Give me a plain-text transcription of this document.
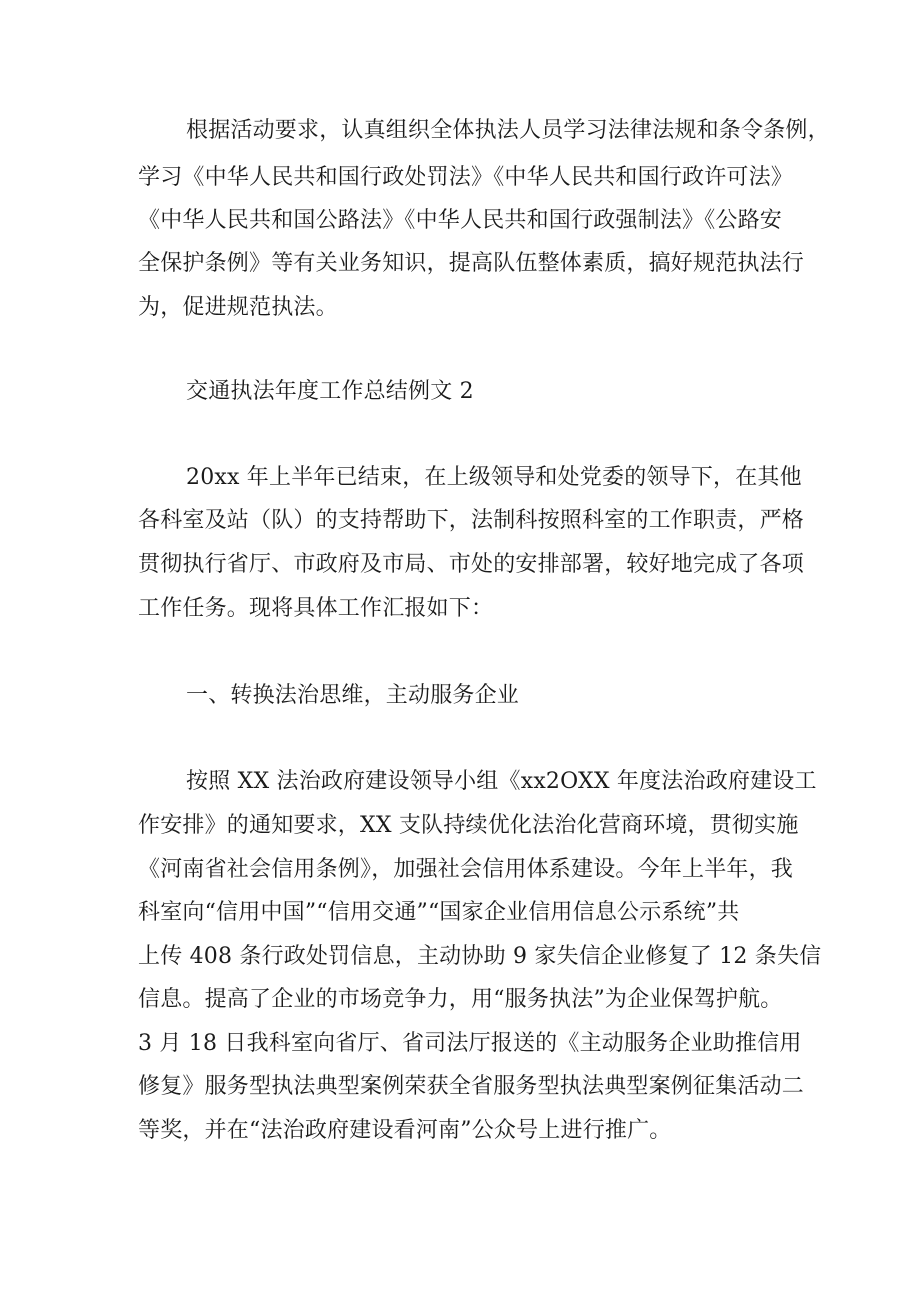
根据活动要求，认真组织全体执法人员学习法律法规和条令条例，
学习《中华人民共和国行政处罚法》《中华人民共和国行政许可法》
《中华人民共和国公路法》《中华人民共和国行政强制法》《公路安
全保护条例》等有关业务知识，提高队伍整体素质，搞好规范执法行
为，促进规范执法。
交通执法年度工作总结例文 2
20xx 年上半年已结束，在上级领导和处党委的领导下，在其他
各科室及站（队）的支持帮助下，法制科按照科室的工作职责，严格
贯彻执行省厅、市政府及市局、市处的安排部署，较好地完成了各项
工作任务。现将具体工作汇报如下：
一、转换法治思维，主动服务企业
按照 XX 法治政府建设领导小组《xx2OXX 年度法治政府建设工
作安排》的通知要求，XX 支队持续优化法治化营商环境，贯彻实施
《河南省社会信用条例》，加强社会信用体系建设。今年上半年，我
科室向“信用中国”“信用交通”“国家企业信用信息公示系统”共
上传 408 条行政处罚信息，主动协助 9 家失信企业修复了 12 条失信
信息。提高了企业的市场竞争力，用“服务执法”为企业保驾护航。
3 月 18 日我科室向省厅、省司法厅报送的《主动服务企业助推信用
修复》服务型执法典型案例荣获全省服务型执法典型案例征集活动二
等奖，并在“法治政府建设看河南”公众号上进行推广。
